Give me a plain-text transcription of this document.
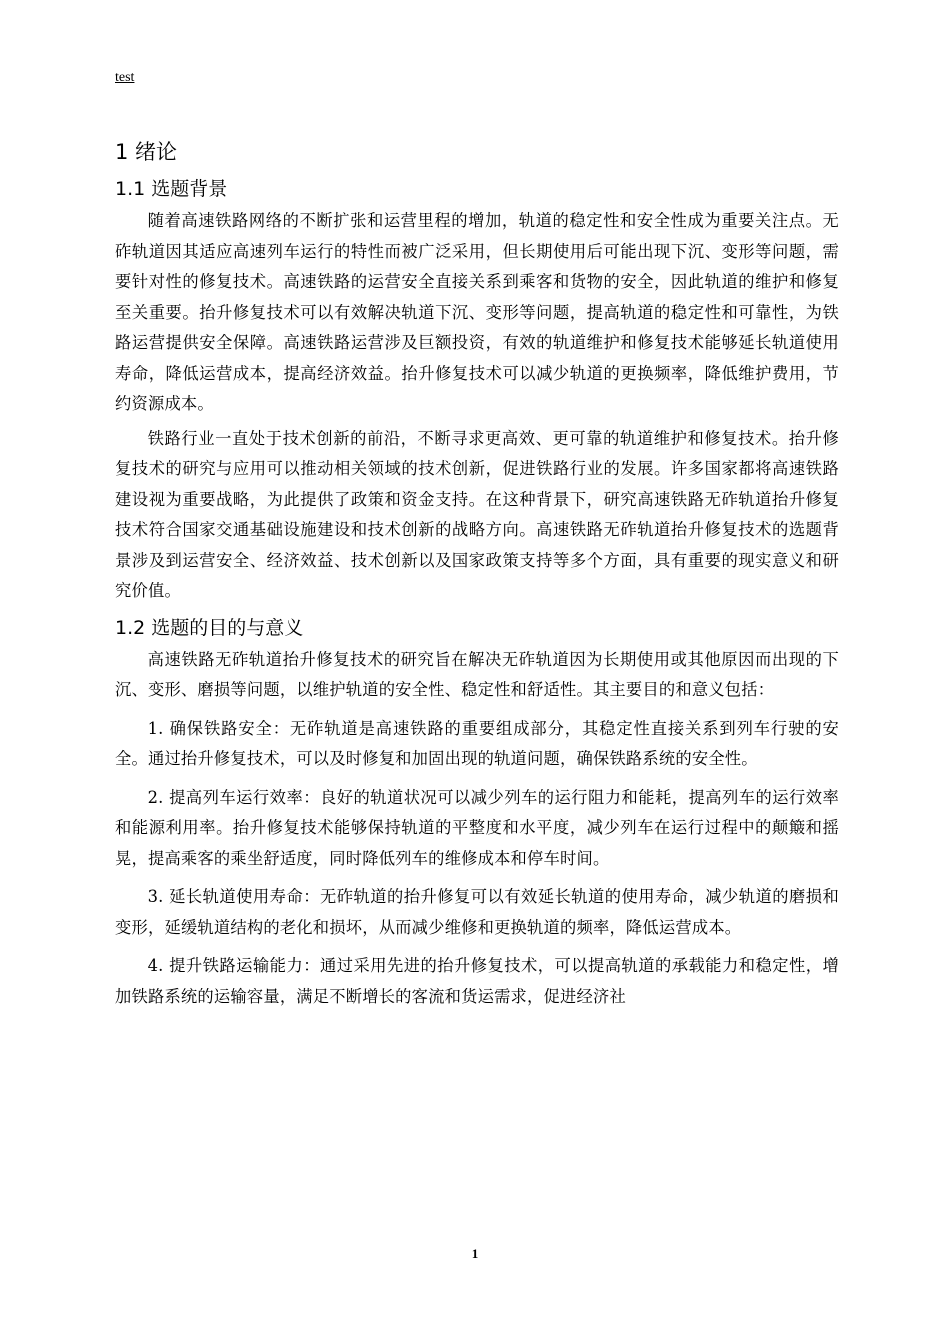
test
1 绪论
1.1 选题背景

随着高速铁路网络的不断扩张和运营里程的增加，轨道的稳定性和安全性成为重要关注点。无砟轨道因其适应高速列车运行的特性而被广泛采用，但长期使用后可能出现下沉、变形等问题，需要针对性的修复技术。高速铁路的运营安全直接关系到乘客和货物的安全，因此轨道的维护和修复至关重要。抬升修复技术可以有效解决轨道下沉、变形等问题，提高轨道的稳定性和可靠性，为铁路运营提供安全保障。高速铁路运营涉及巨额投资，有效的轨道维护和修复技术能够延长轨道使用寿命，降低运营成本，提高经济效益。抬升修复技术可以减少轨道的更换频率，降低维护费用，节约资源成本。

铁路行业一直处于技术创新的前沿，不断寻求更高效、更可靠的轨道维护和修复技术。抬升修复技术的研究与应用可以推动相关领域的技术创新，促进铁路行业的发展。许多国家都将高速铁路建设视为重要战略，为此提供了政策和资金支持。在这种背景下，研究高速铁路无砟轨道抬升修复技术符合国家交通基础设施建设和技术创新的战略方向。高速铁路无砟轨道抬升修复技术的选题背景涉及到运营安全、经济效益、技术创新以及国家政策支持等多个方面，具有重要的现实意义和研究价值。

1.2 选题的目的与意义

高速铁路无砟轨道抬升修复技术的研究旨在解决无砟轨道因为长期使用或其他原因而出现的下沉、变形、磨损等问题，以维护轨道的安全性、稳定性和舒适性。其主要目的和意义包括：

1. 确保铁路安全：无砟轨道是高速铁路的重要组成部分，其稳定性直接关系到列车行驶的安全。通过抬升修复技术，可以及时修复和加固出现的轨道问题，确保铁路系统的安全性。

2. 提高列车运行效率：良好的轨道状况可以减少列车的运行阻力和能耗，提高列车的运行效率和能源利用率。抬升修复技术能够保持轨道的平整度和水平度，减少列车在运行过程中的颠簸和摇晃，提高乘客的乘坐舒适度，同时降低列车的维修成本和停车时间。

3. 延长轨道使用寿命：无砟轨道的抬升修复可以有效延长轨道的使用寿命，减少轨道的磨损和变形，延缓轨道结构的老化和损坏，从而减少维修和更换轨道的频率，降低运营成本。

4. 提升铁路运输能力：通过采用先进的抬升修复技术，可以提高轨道的承载能力和稳定性，增加铁路系统的运输容量，满足不断增长的客流和货运需求，促进经济社

1
